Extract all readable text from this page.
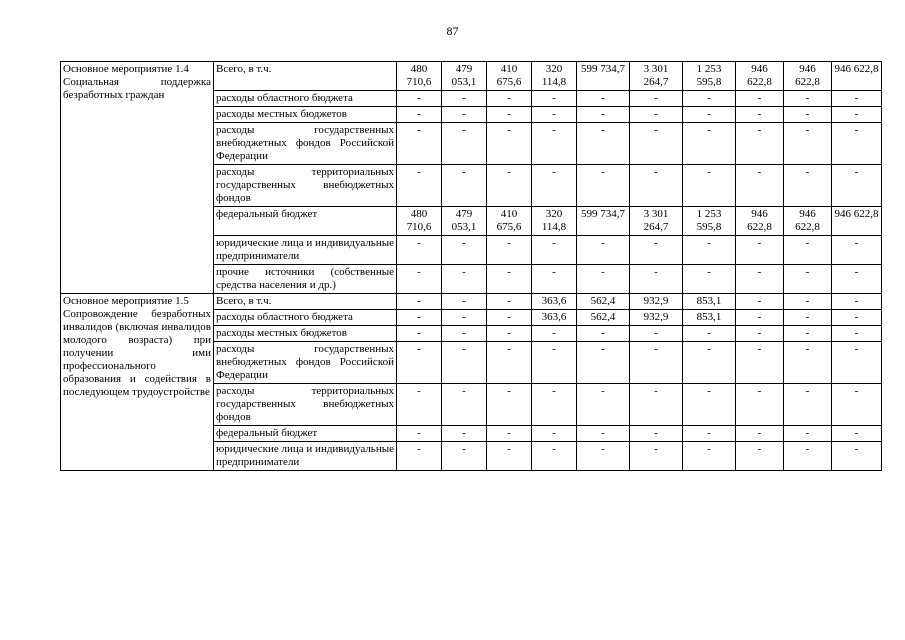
87
Основное мероприятие 1.4
Социальная поддержка безработных граждан	Всего, в т.ч.	480 710,6	479 053,1	410 675,6	320 114,8	599 734,7	3 301 264,7	1 253 595,8	946 622,8	946 622,8	946 622,8
	расходы областного бюджета	-	-	-	-	-	-	-	-	-	-
	расходы местных бюджетов	-	-	-	-	-	-	-	-	-	-
	расходы государственных внебюджетных фондов Российской Федерации	-	-	-	-	-	-	-	-	-	-
	расходы территориальных государственных внебюджетных фондов	-	-	-	-	-	-	-	-	-	-
	федеральный бюджет	480 710,6	479 053,1	410 675,6	320 114,8	599 734,7	3 301 264,7	1 253 595,8	946 622,8	946 622,8	946 622,8
	юридические лица и индивидуальные предприниматели	-	-	-	-	-	-	-	-	-	-
	прочие источники (собственные средства населения и др.)	-	-	-	-	-	-	-	-	-	-

Основное мероприятие 1.5
Сопровождение безработных инвалидов (включая инвалидов молодого возраста) при получении ими профессионального образования и содействия в последующем трудоустройстве	Всего, в т.ч.	-	-	-	363,6	562,4	932,9	853,1	-	-	-
	расходы областного бюджета	-	-	-	363,6	562,4	932,9	853,1	-	-	-
	расходы местных бюджетов	-	-	-	-	-	-	-	-	-	-
	расходы государственных внебюджетных фондов Российской Федерации	-	-	-	-	-	-	-	-	-	-
	расходы территориальных государственных внебюджетных фондов	-	-	-	-	-	-	-	-	-	-
	федеральный бюджет	-	-	-	-	-	-	-	-	-	-
	юридические лица и индивидуальные предприниматели	-	-	-	-	-	-	-	-	-	-
